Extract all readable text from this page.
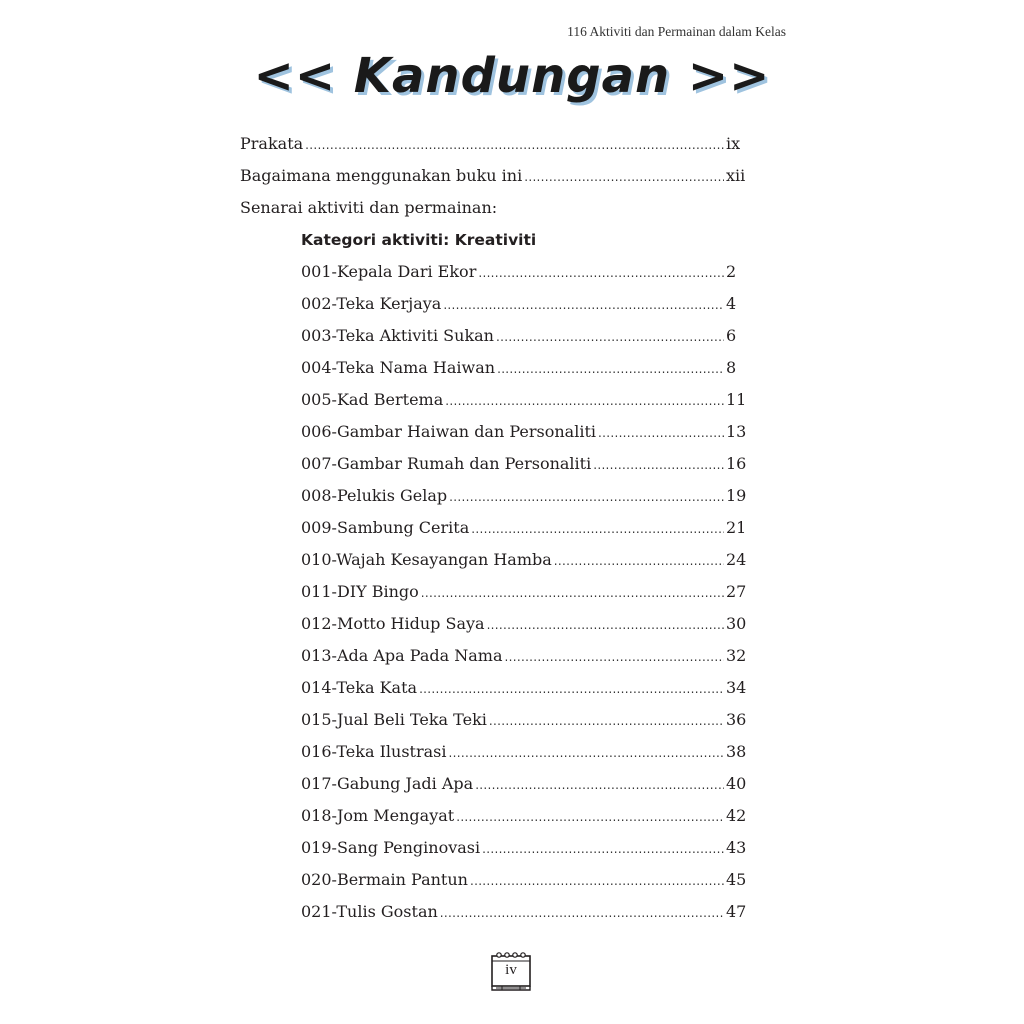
116 Aktiviti dan Permainan dalam Kelas
<< Kandungan >>
Prakata .....	ix
Bagaimana menggunakan buku ini .....	xii
Senarai aktiviti dan permainan:
Kategori aktiviti: Kreativiti
001-Kepala Dari Ekor .....	2
002-Teka Kerjaya .....	4
003-Teka Aktiviti Sukan .....	6
004-Teka Nama Haiwan .....	8
005-Kad Bertema .....	11
006-Gambar Haiwan dan Personaliti .....	13
007-Gambar Rumah dan Personaliti .....	16
008-Pelukis Gelap .....	19
009-Sambung Cerita .....	21
010-Wajah Kesayangan Hamba .....	24
011-DIY Bingo .....	27
012-Motto Hidup Saya .....	30
013-Ada Apa Pada Nama .....	32
014-Teka Kata .....	34
015-Jual Beli Teka Teki .....	36
016-Teka Ilustrasi .....	38
017-Gabung Jadi Apa .....	40
018-Jom Mengayat .....	42
019-Sang Penginovasi .....	43
020-Bermain Pantun .....	45
021-Tulis Gostan .....	47
iv
